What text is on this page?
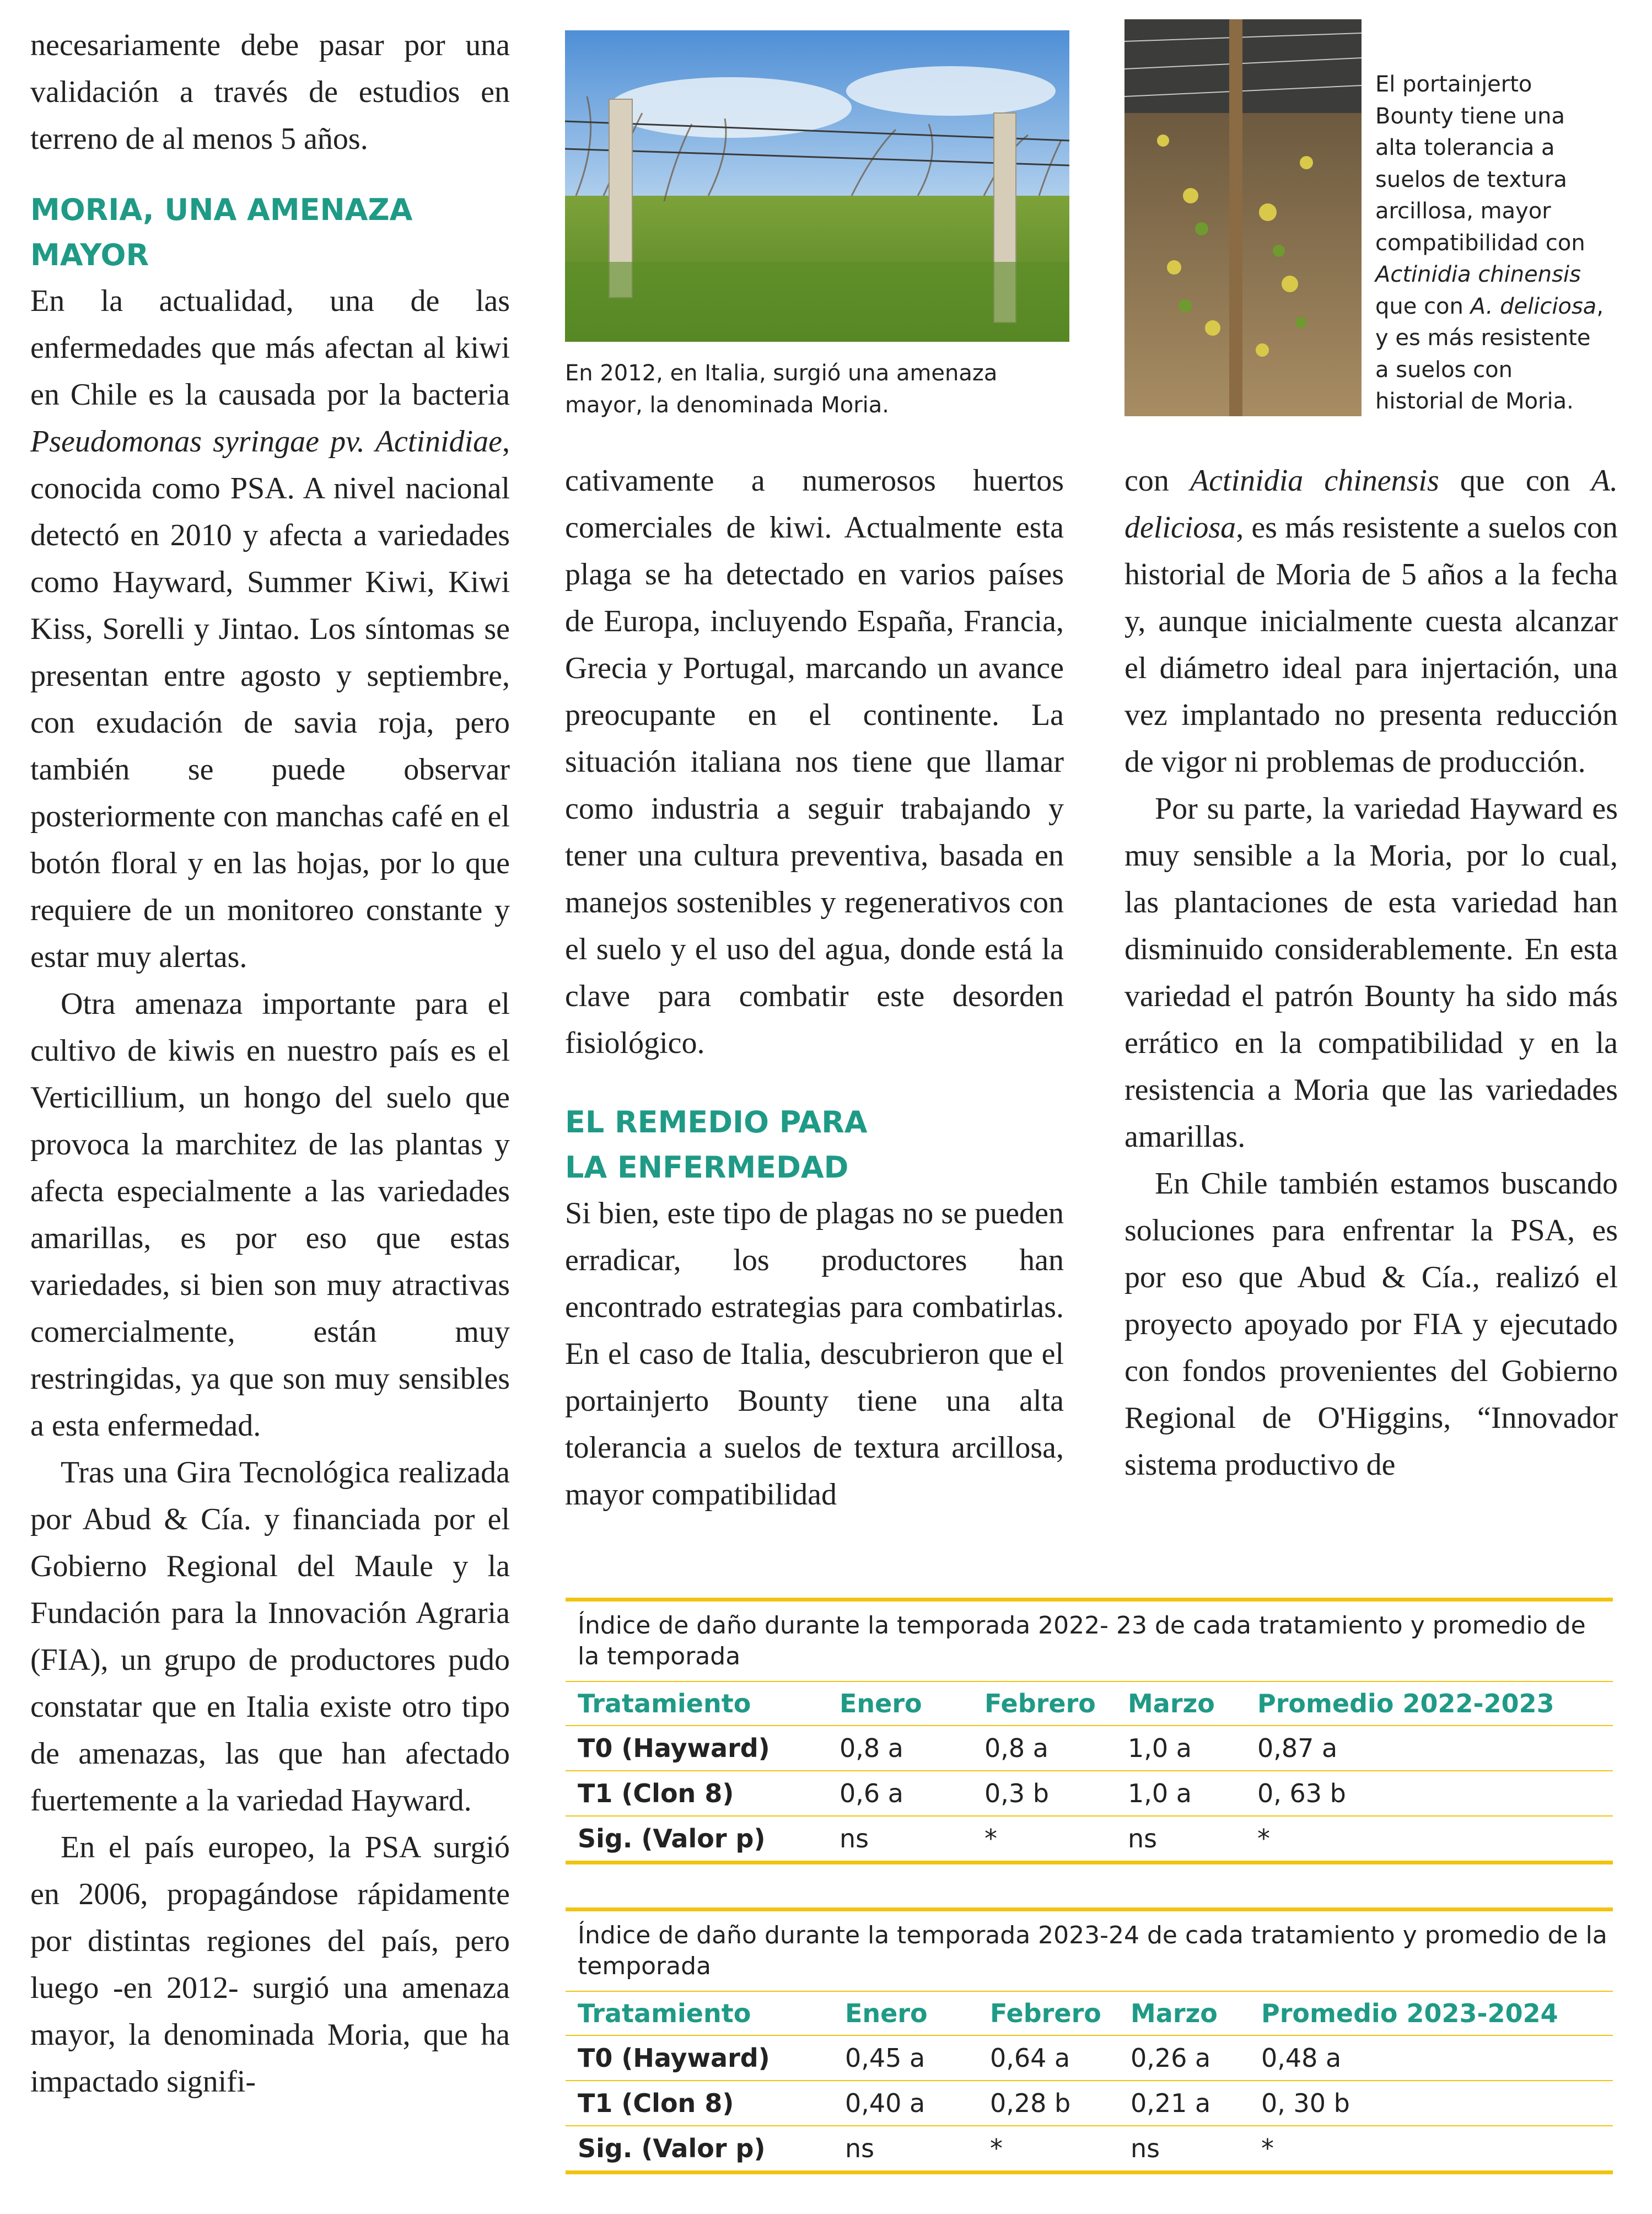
necesariamente debe pasar por una validación a través de estudios en terreno de al menos 5 años.

MORIA, UNA AMENAZA MAYOR

En la actualidad, una de las enfermedades que más afectan al kiwi en Chile es la causada por la bacteria Pseudomonas syringae pv. Actinidiae, conocida como PSA. A nivel nacional detectó en 2010 y afecta a variedades como Hayward, Summer Kiwi, Kiwi Kiss, Sorelli y Jintao. Los síntomas se presentan entre agosto y septiembre, con exudación de savia roja, pero también se puede observar posteriormente con manchas café en el botón floral y en las hojas, por lo que requiere de un monitoreo constante y estar muy alertas.

Otra amenaza importante para el cultivo de kiwis en nuestro país es el Verticillium, un hongo del suelo que provoca la marchitez de las plantas y afecta especialmente a las variedades amarillas, es por eso que estas variedades, si bien son muy atractivas comercialmente, están muy restringidas, ya que son muy sensibles a esta enfermedad.

Tras una Gira Tecnológica realizada por Abud & Cía. y financiada por el Gobierno Regional del Maule y la Fundación para la Innovación Agraria (FIA), un grupo de productores pudo constatar que en Italia existe otro tipo de amenazas, las que han afectado fuertemente a la variedad Hayward.

En el país europeo, la PSA surgió en 2006, propagándose rápidamente por distintas regiones del país, pero luego -en 2012- surgió una amenaza mayor, la denominada Moria, que ha impactado signifi-

En 2012, en Italia, surgió una amenaza mayor, la denominada Moria.

cativamente a numerosos huertos comerciales de kiwi. Actualmente esta plaga se ha detectado en varios países de Europa, incluyendo España, Francia, Grecia y Portugal, marcando un avance preocupante en el continente. La situación italiana nos tiene que llamar como industria a seguir trabajando y tener una cultura preventiva, basada en manejos sostenibles y regenerativos con el suelo y el uso del agua, donde está la clave para combatir este desorden fisiológico.

EL REMEDIO PARA LA ENFERMEDAD

Si bien, este tipo de plagas no se pueden erradicar, los productores han encontrado estrategias para combatirlas. En el caso de Italia, descubrieron que el portainjerto Bounty tiene una alta tolerancia a suelos de textura arcillosa, mayor compatibilidad

El portainjerto Bounty tiene una alta tolerancia a suelos de textura arcillosa, mayor compatibilidad con Actinidia chinensis que con A. deliciosa, y es más resistente a suelos con historial de Moria.

con Actinidia chinensis que con A. deliciosa, es más resistente a suelos con historial de Moria de 5 años a la fecha y, aunque inicialmente cuesta alcanzar el diámetro ideal para injertación, una vez implantado no presenta reducción de vigor ni problemas de producción.

Por su parte, la variedad Hayward es muy sensible a la Moria, por lo cual, las plantaciones de esta variedad han disminuido considerablemente. En esta variedad el patrón Bounty ha sido más errático en la compatibilidad y en la resistencia a Moria que las variedades amarillas.

En Chile también estamos buscando soluciones para enfrentar la PSA, es por eso que Abud & Cía., realizó el proyecto apoyado por FIA y ejecutado con fondos provenientes del Gobierno Regional de O'Higgins, “Innovador sistema productivo de

Índice de daño durante la temporada 2022- 23 de cada tratamiento y promedio de la temporada
Tratamiento	Enero	Febrero	Marzo	Promedio 2022-2023
T0 (Hayward)	0,8 a	0,8 a	1,0 a	0,87 a
T1 (Clon 8)	0,6 a	0,3 b	1,0 a	0, 63 b
Sig. (Valor p)	ns	*	ns	*
Índice de daño durante la temporada 2023-24 de cada tratamiento y promedio de la temporada
Tratamiento	Enero	Febrero	Marzo	Promedio 2023-2024
T0 (Hayward)	0,45 a	0,64 a	0,26 a	0,48 a
T1 (Clon 8)	0,40 a	0,28 b	0,21 a	0, 30 b
Sig. (Valor p)	ns	*	ns	*
